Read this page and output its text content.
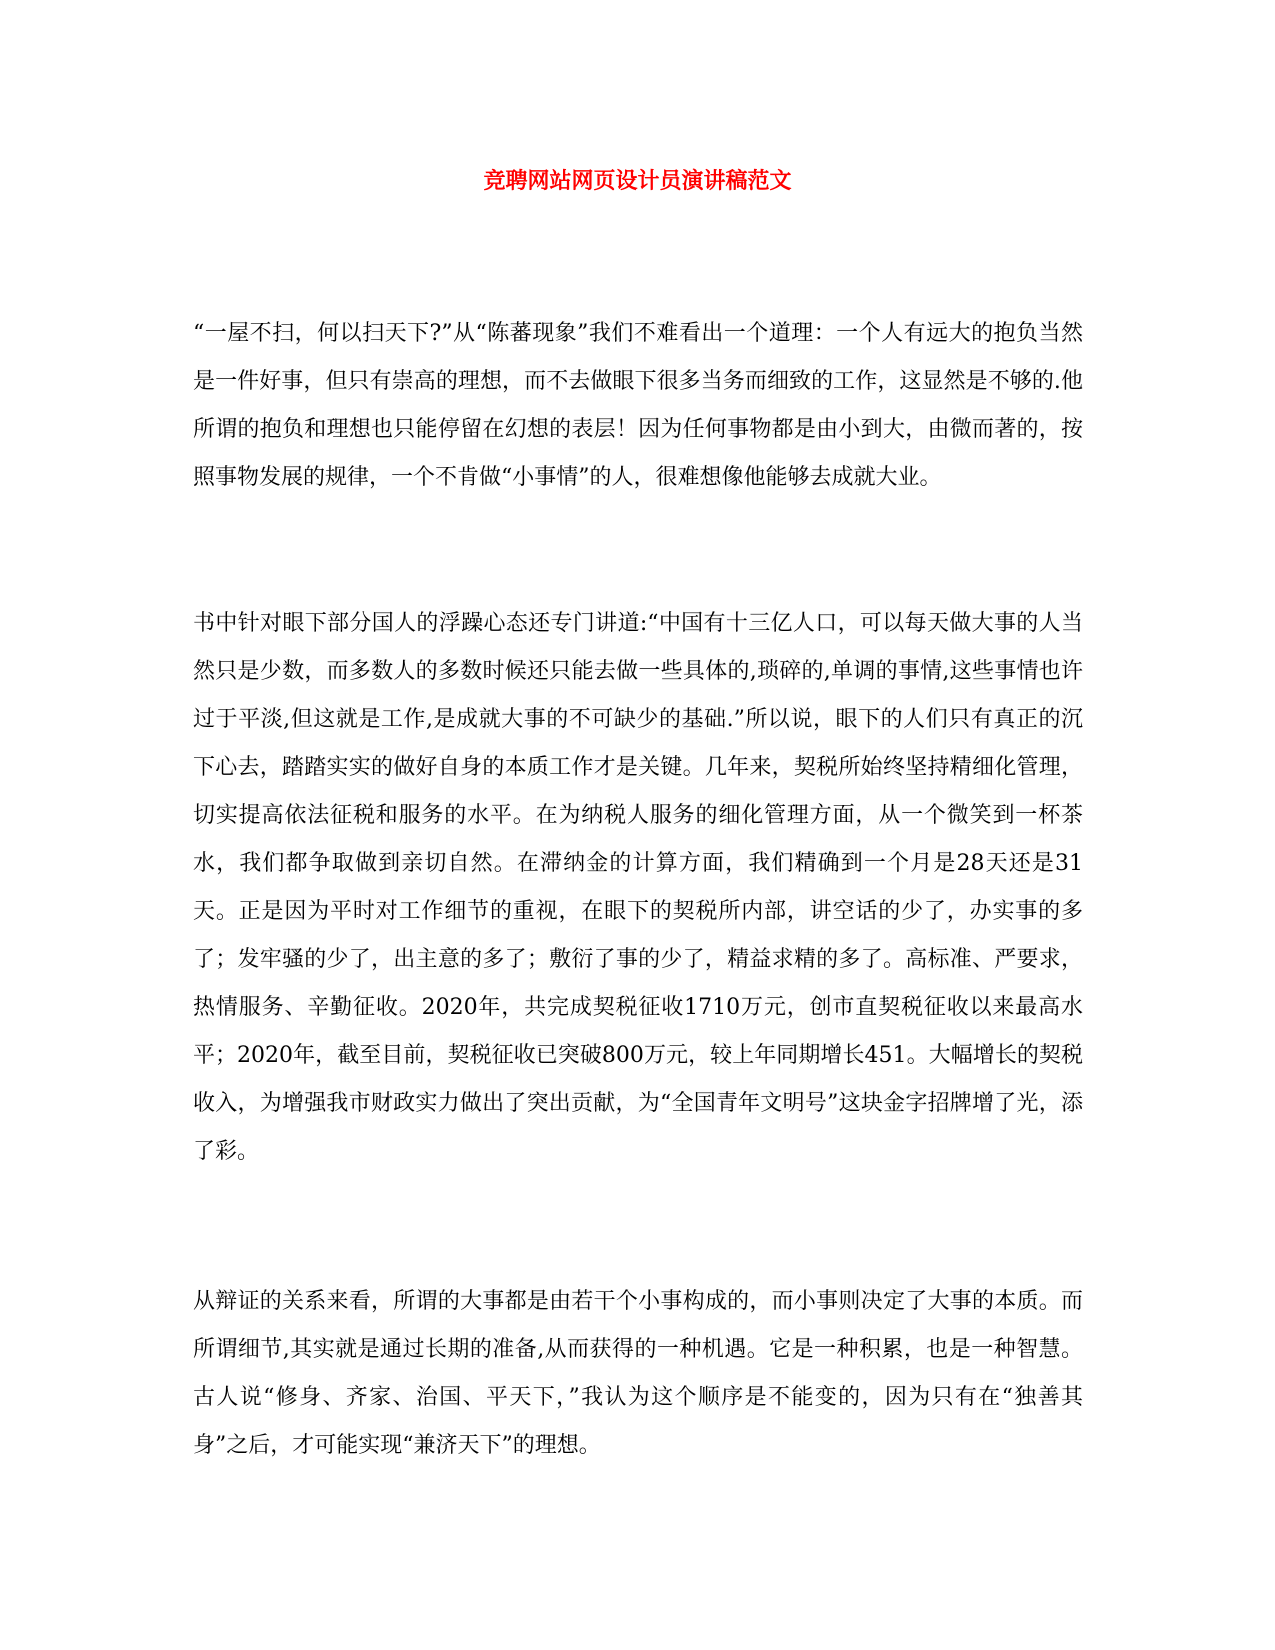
竞聘网站网页设计员演讲稿范文

“一屋不扫，何以扫天下?”从“陈蕃现象”我们不难看出一个道理：一个人有远大的抱负当然是一件好事，但只有崇高的理想，而不去做眼下很多当务而细致的工作，这显然是不够的.他所谓的抱负和理想也只能停留在幻想的表层！因为任何事物都是由小到大，由微而著的，按照事物发展的规律，一个不肯做“小事情”的人，很难想像他能够去成就大业。

书中针对眼下部分国人的浮躁心态还专门讲道:“中国有十三亿人口，可以每天做大事的人当然只是少数，而多数人的多数时候还只能去做一些具体的,琐碎的,单调的事情,这些事情也许过于平淡,但这就是工作,是成就大事的不可缺少的基础.”所以说，眼下的人们只有真正的沉下心去，踏踏实实的做好自身的本质工作才是关键。几年来，契税所始终坚持精细化管理，切实提高依法征税和服务的水平。在为纳税人服务的细化管理方面，从一个微笑到一杯茶水，我们都争取做到亲切自然。在滞纳金的计算方面，我们精确到一个月是28天还是31天。正是因为平时对工作细节的重视，在眼下的契税所内部，讲空话的少了，办实事的多了；发牢骚的少了，出主意的多了；敷衍了事的少了，精益求精的多了。高标准、严要求，热情服务、辛勤征收。2020年，共完成契税征收1710万元，创市直契税征收以来最高水平；2020年，截至目前，契税征收已突破800万元，较上年同期增长451。大幅增长的契税收入，为增强我市财政实力做出了突出贡献，为“全国青年文明号”这块金字招牌增了光，添了彩。

从辩证的关系来看，所谓的大事都是由若干个小事构成的，而小事则决定了大事的本质。而所谓细节,其实就是通过长期的准备,从而获得的一种机遇。它是一种积累，也是一种智慧。古人说“修身、齐家、治国、平天下，”我认为这个顺序是不能变的，因为只有在“独善其身”之后，才可能实现“兼济天下”的理想。
